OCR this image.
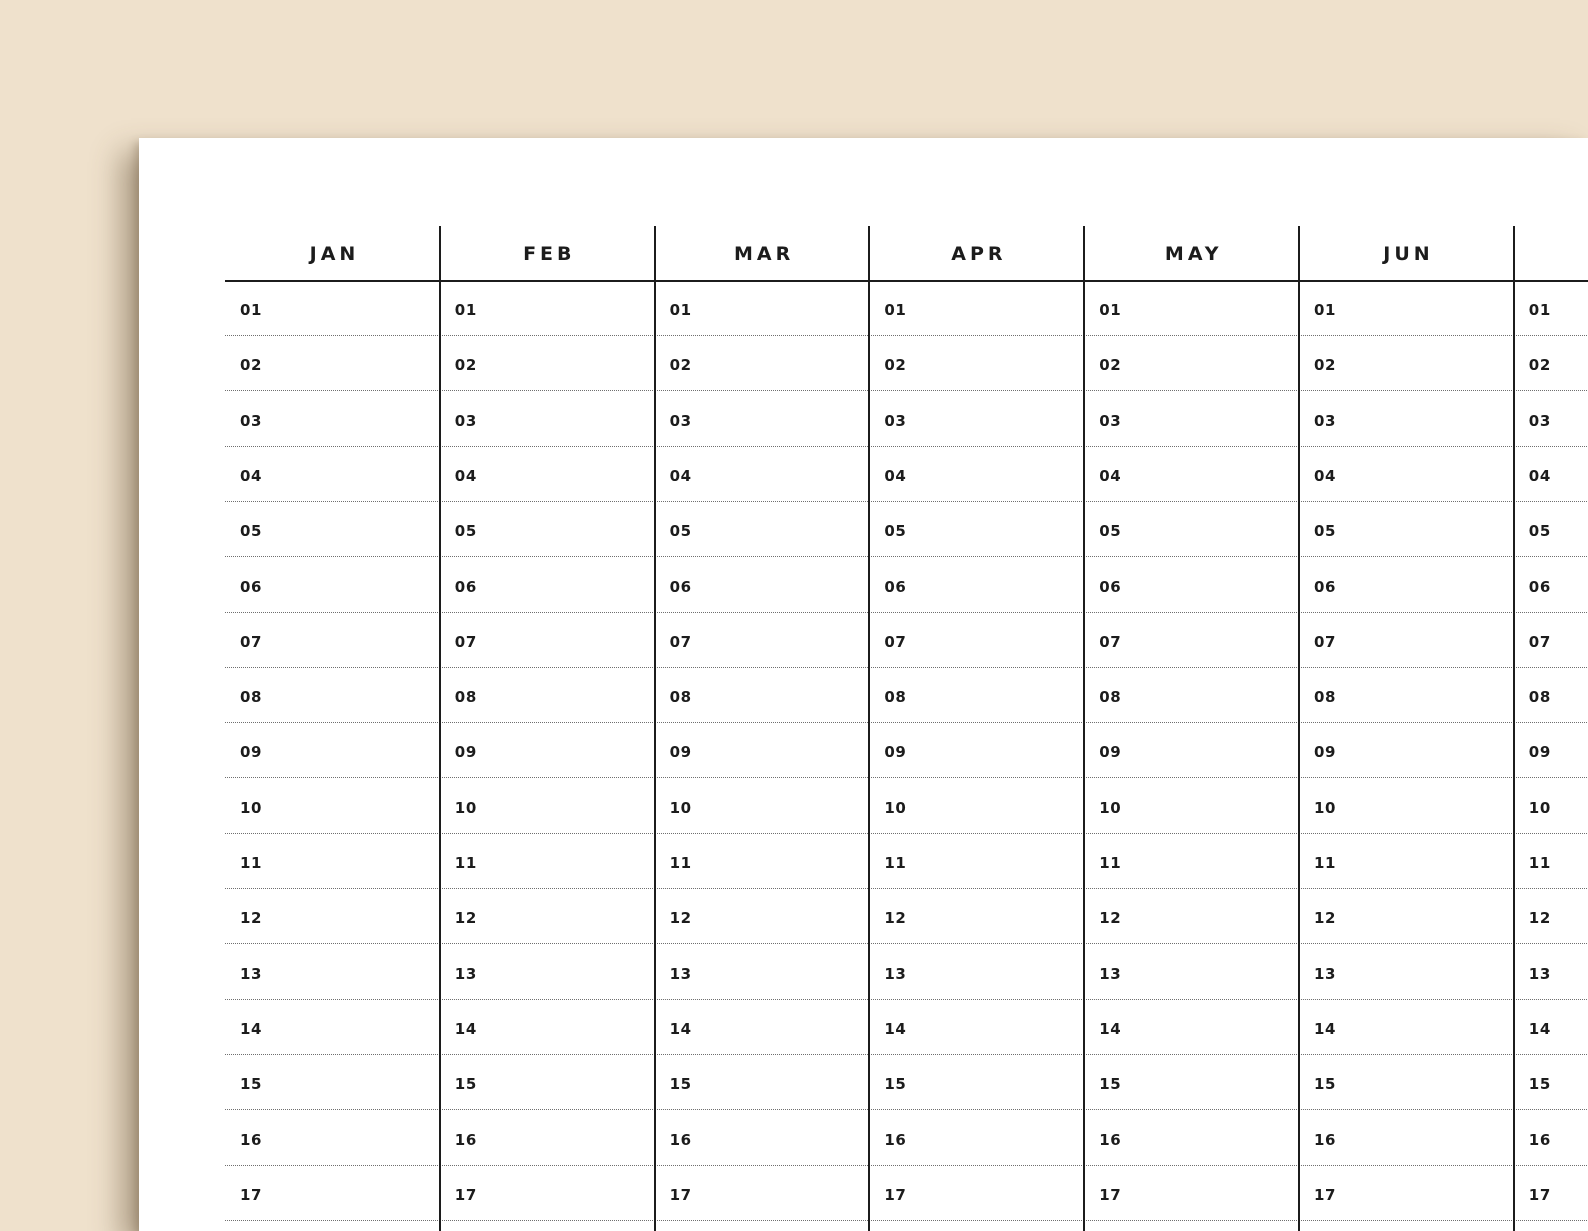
JAN
01
02
03
04
05
06
07
08
09
10
11
12
13
14
15
16
17
FEB
01
02
03
04
05
06
07
08
09
10
11
12
13
14
15
16
17
MAR
01
02
03
04
05
06
07
08
09
10
11
12
13
14
15
16
17
APR
01
02
03
04
05
06
07
08
09
10
11
12
13
14
15
16
17
MAY
01
02
03
04
05
06
07
08
09
10
11
12
13
14
15
16
17
JUN
01
02
03
04
05
06
07
08
09
10
11
12
13
14
15
16
17
01
02
03
04
05
06
07
08
09
10
11
12
13
14
15
16
17
